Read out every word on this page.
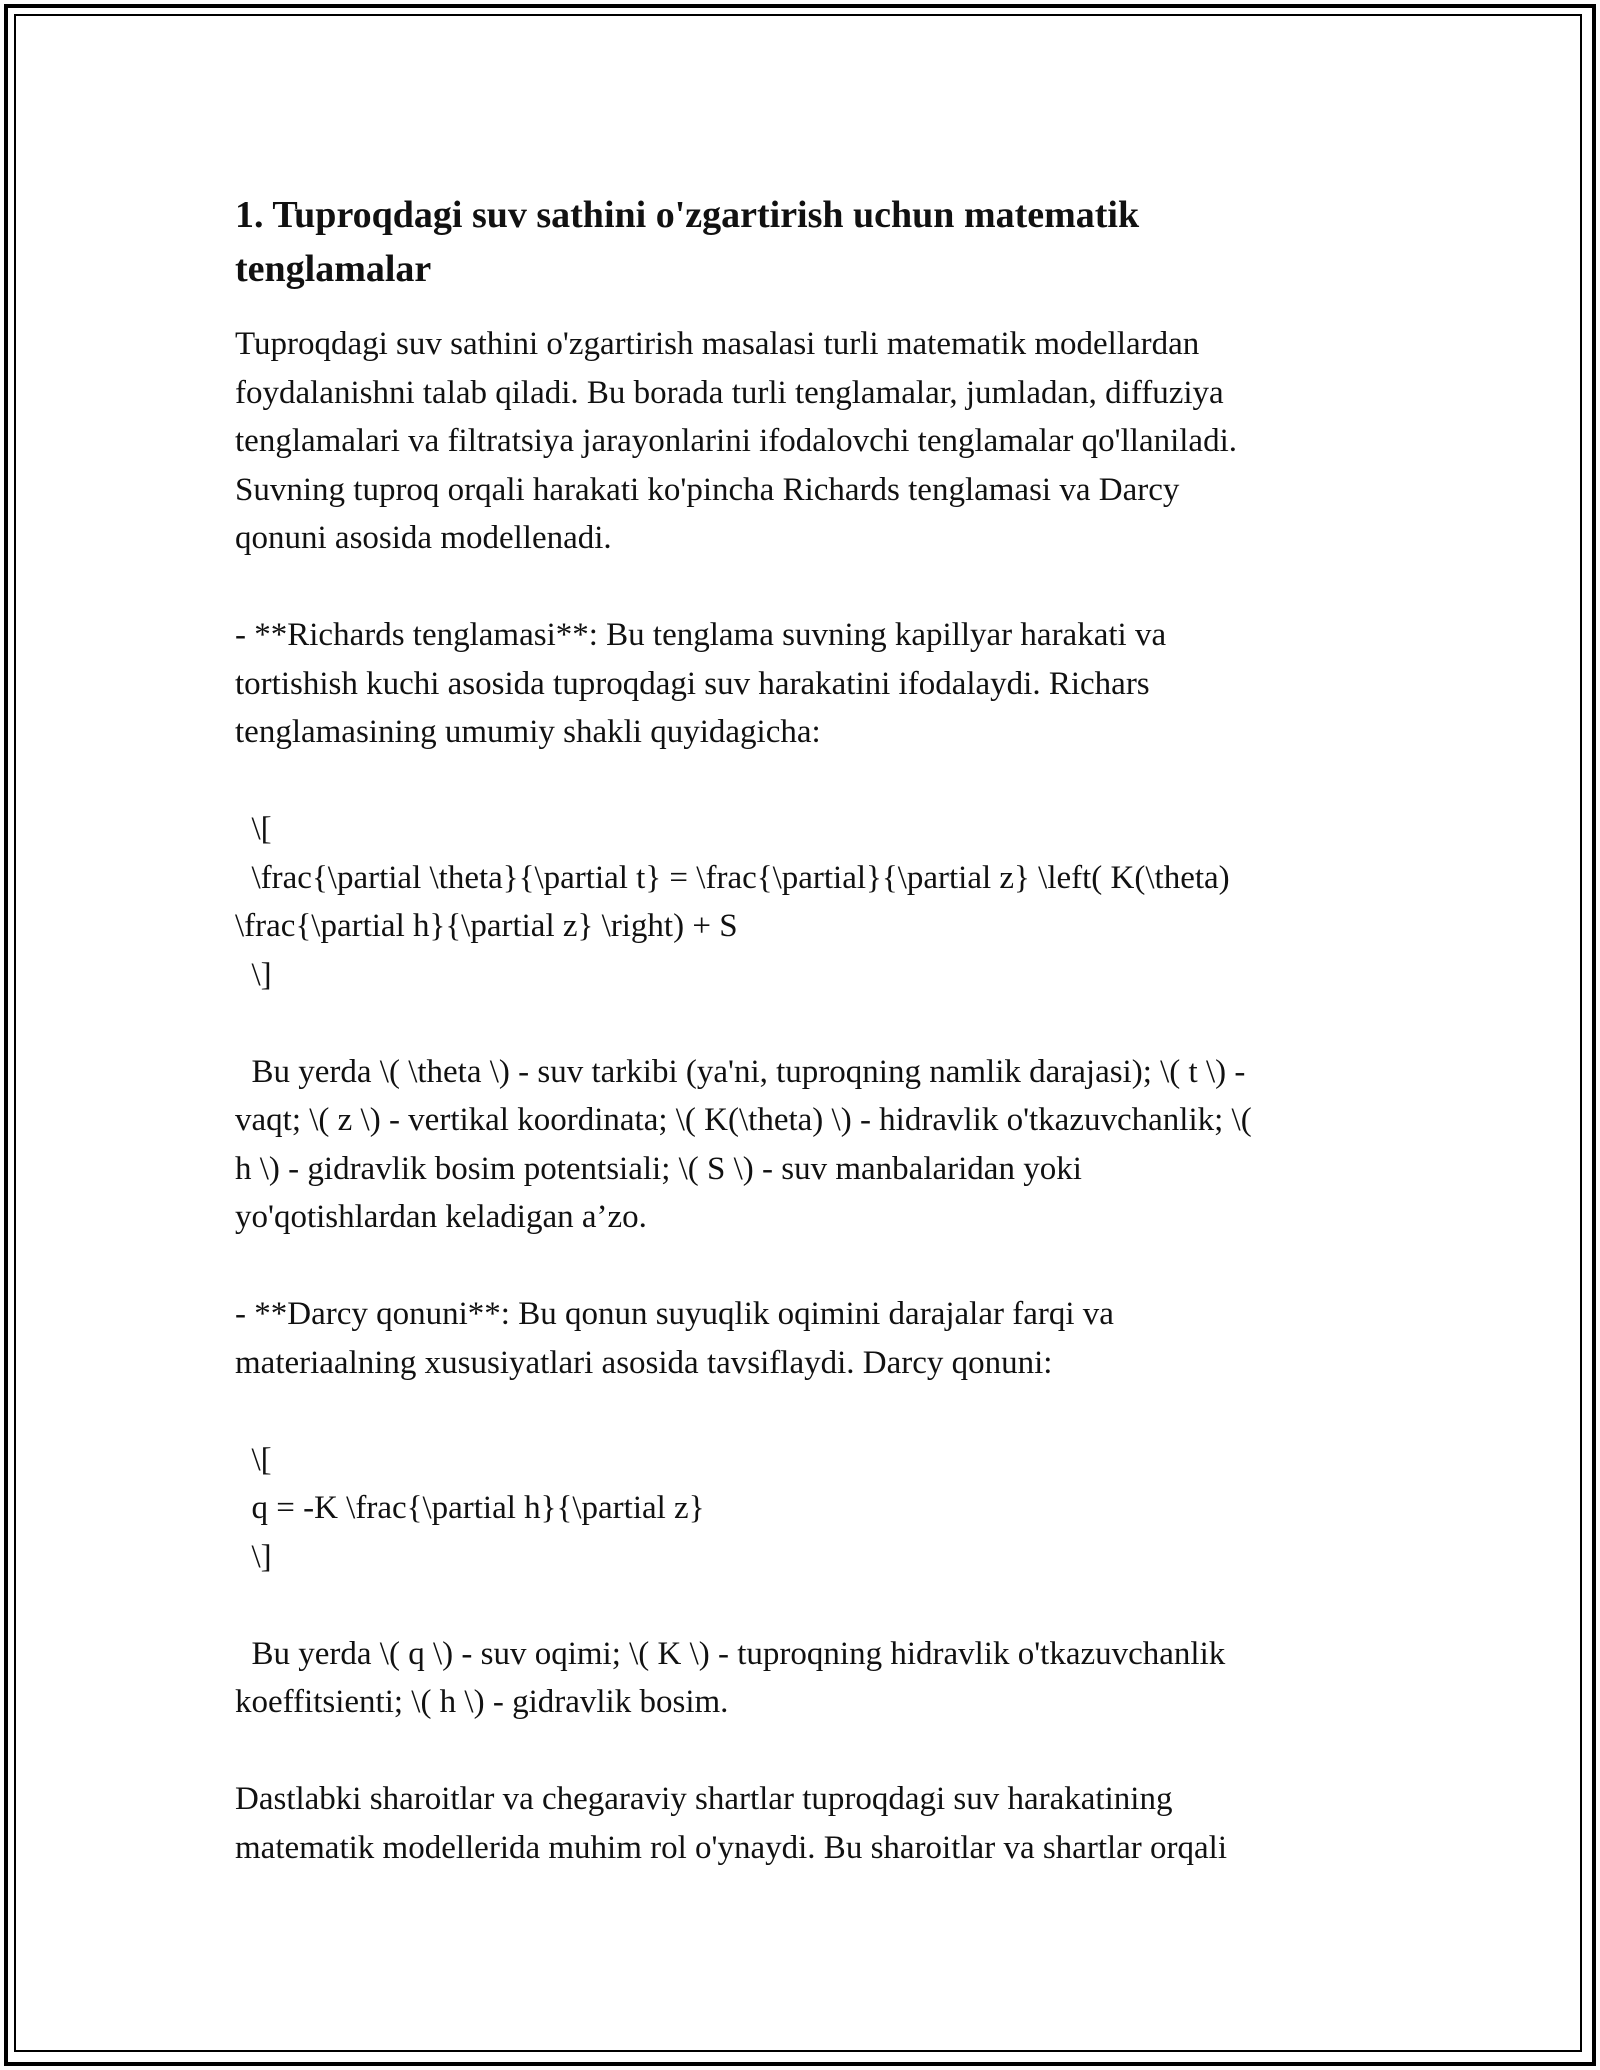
1. Tuproqdagi suv sathini o'zgartirish uchun matematik
tenglamalar
Tuproqdagi suv sathini o'zgartirish masalasi turli matematik modellardan
foydalanishni talab qiladi. Bu borada turli tenglamalar, jumladan, diffuziya
tenglamalari va filtratsiya jarayonlarini ifodalovchi tenglamalar qo'llaniladi.
Suvning tuproq orqali harakati ko'pincha Richards tenglamasi va Darcy
qonuni asosida modellenadi.
- **Richards tenglamasi**: Bu tenglama suvning kapillyar harakati va
tortishish kuchi asosida tuproqdagi suv harakatini ifodalaydi. Richars
tenglamasining umumiy shakli quyidagicha:
\[
\frac{\partial \theta}{\partial t} = \frac{\partial}{\partial z} \left( K(\theta)
\frac{\partial h}{\partial z} \right) + S
\]
Bu yerda \( \theta \) - suv tarkibi (ya'ni, tuproqning namlik darajasi); \( t \) -
vaqt; \( z \) - vertikal koordinata; \( K(\theta) \) - hidravlik o'tkazuvchanlik; \(
h \) - gidravlik bosim potentsiali; \( S \) - suv manbalaridan yoki
yo'qotishlardan keladigan a’zo.
- **Darcy qonuni**: Bu qonun suyuqlik oqimini darajalar farqi va
materiaalning xususiyatlari asosida tavsiflaydi. Darcy qonuni:
\[
q = -K \frac{\partial h}{\partial z}
\]
Bu yerda \( q \) - suv oqimi; \( K \) - tuproqning hidravlik o'tkazuvchanlik
koeffitsienti; \( h \) - gidravlik bosim.
Dastlabki sharoitlar va chegaraviy shartlar tuproqdagi suv harakatining
matematik modellerida muhim rol o'ynaydi. Bu sharoitlar va shartlar orqali
